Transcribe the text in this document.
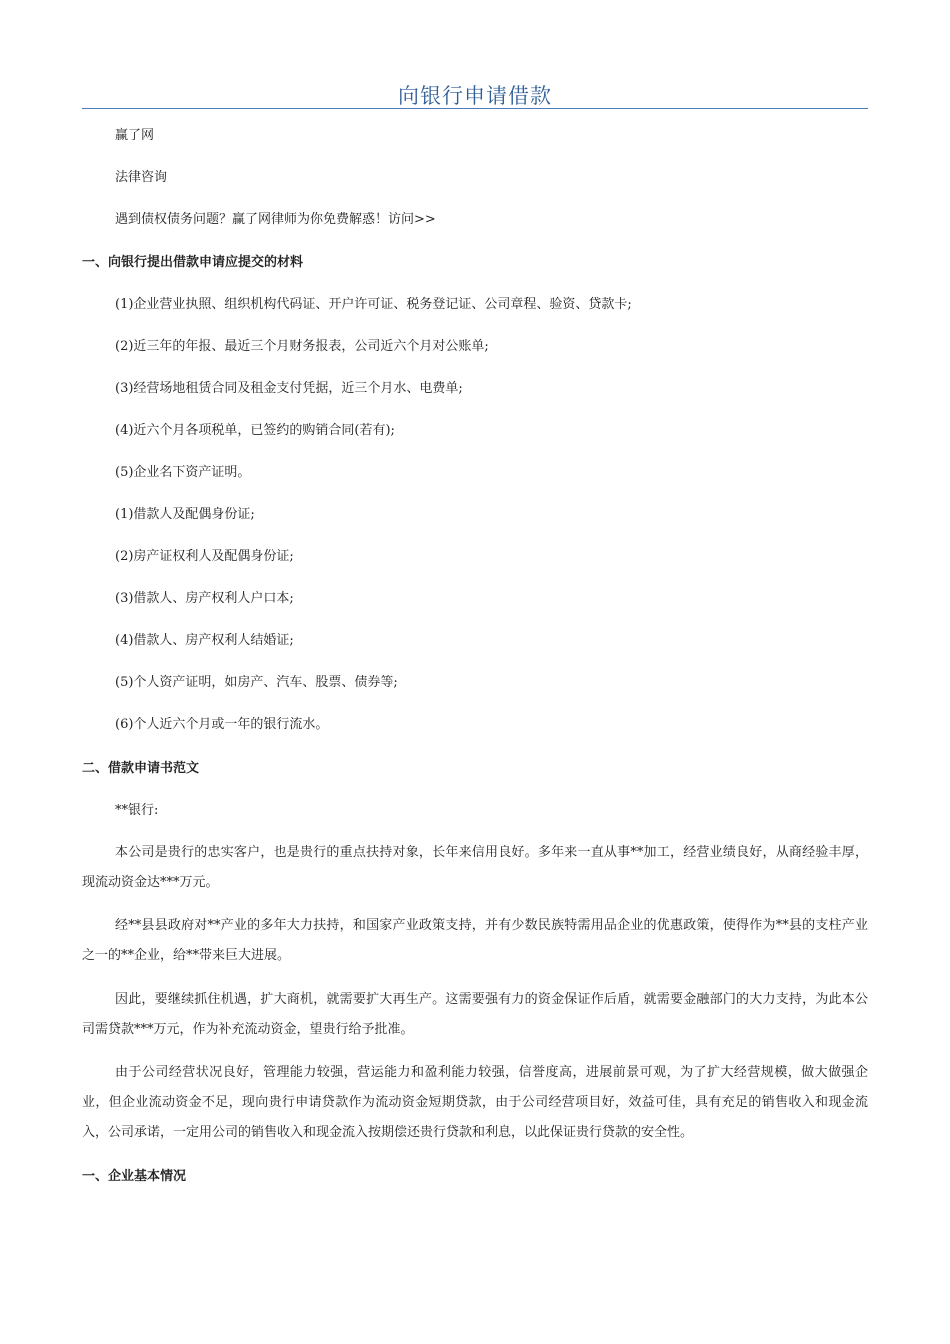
向银行申请借款
赢了网
法律咨询
遇到债权债务问题？赢了网律师为你免费解惑！访问>>
一、向银行提出借款申请应提交的材料
(1)企业营业执照、组织机构代码证、开户许可证、税务登记证、公司章程、验资、贷款卡;
(2)近三年的年报、最近三个月财务报表，公司近六个月对公账单;
(3)经营场地租赁合同及租金支付凭据，近三个月水、电费单;
(4)近六个月各项税单，已签约的购销合同(若有);
(5)企业名下资产证明。
(1)借款人及配偶身份证;
(2)房产证权利人及配偶身份证;
(3)借款人、房产权利人户口本;
(4)借款人、房产权利人结婚证;
(5)个人资产证明，如房产、汽车、股票、债券等;
(6)个人近六个月或一年的银行流水。
二、借款申请书范文
**银行:

本公司是贵行的忠实客户，也是贵行的重点扶持对象，长年来信用良好。多年来一直从事**加工，经营业绩良好，从商经验丰厚，现流动资金达***万元。

经**县县政府对**产业的多年大力扶持，和国家产业政策支持，并有少数民族特需用品企业的优惠政策，使得作为**县的支柱产业之一的**企业，给**带来巨大进展。

因此，要继续抓住机遇，扩大商机，就需要扩大再生产。这需要强有力的资金保证作后盾，就需要金融部门的大力支持，为此本公司需贷款***万元，作为补充流动资金，望贵行给予批准。

由于公司经营状况良好，管理能力较强，营运能力和盈利能力较强，信誉度高，进展前景可观，为了扩大经营规模，做大做强企业，但企业流动资金不足，现向贵行申请贷款作为流动资金短期贷款，由于公司经营项目好，效益可佳，具有充足的销售收入和现金流入，公司承诺，一定用公司的销售收入和现金流入按期偿还贵行贷款和利息，以此保证贵行贷款的安全性。

一、企业基本情况
